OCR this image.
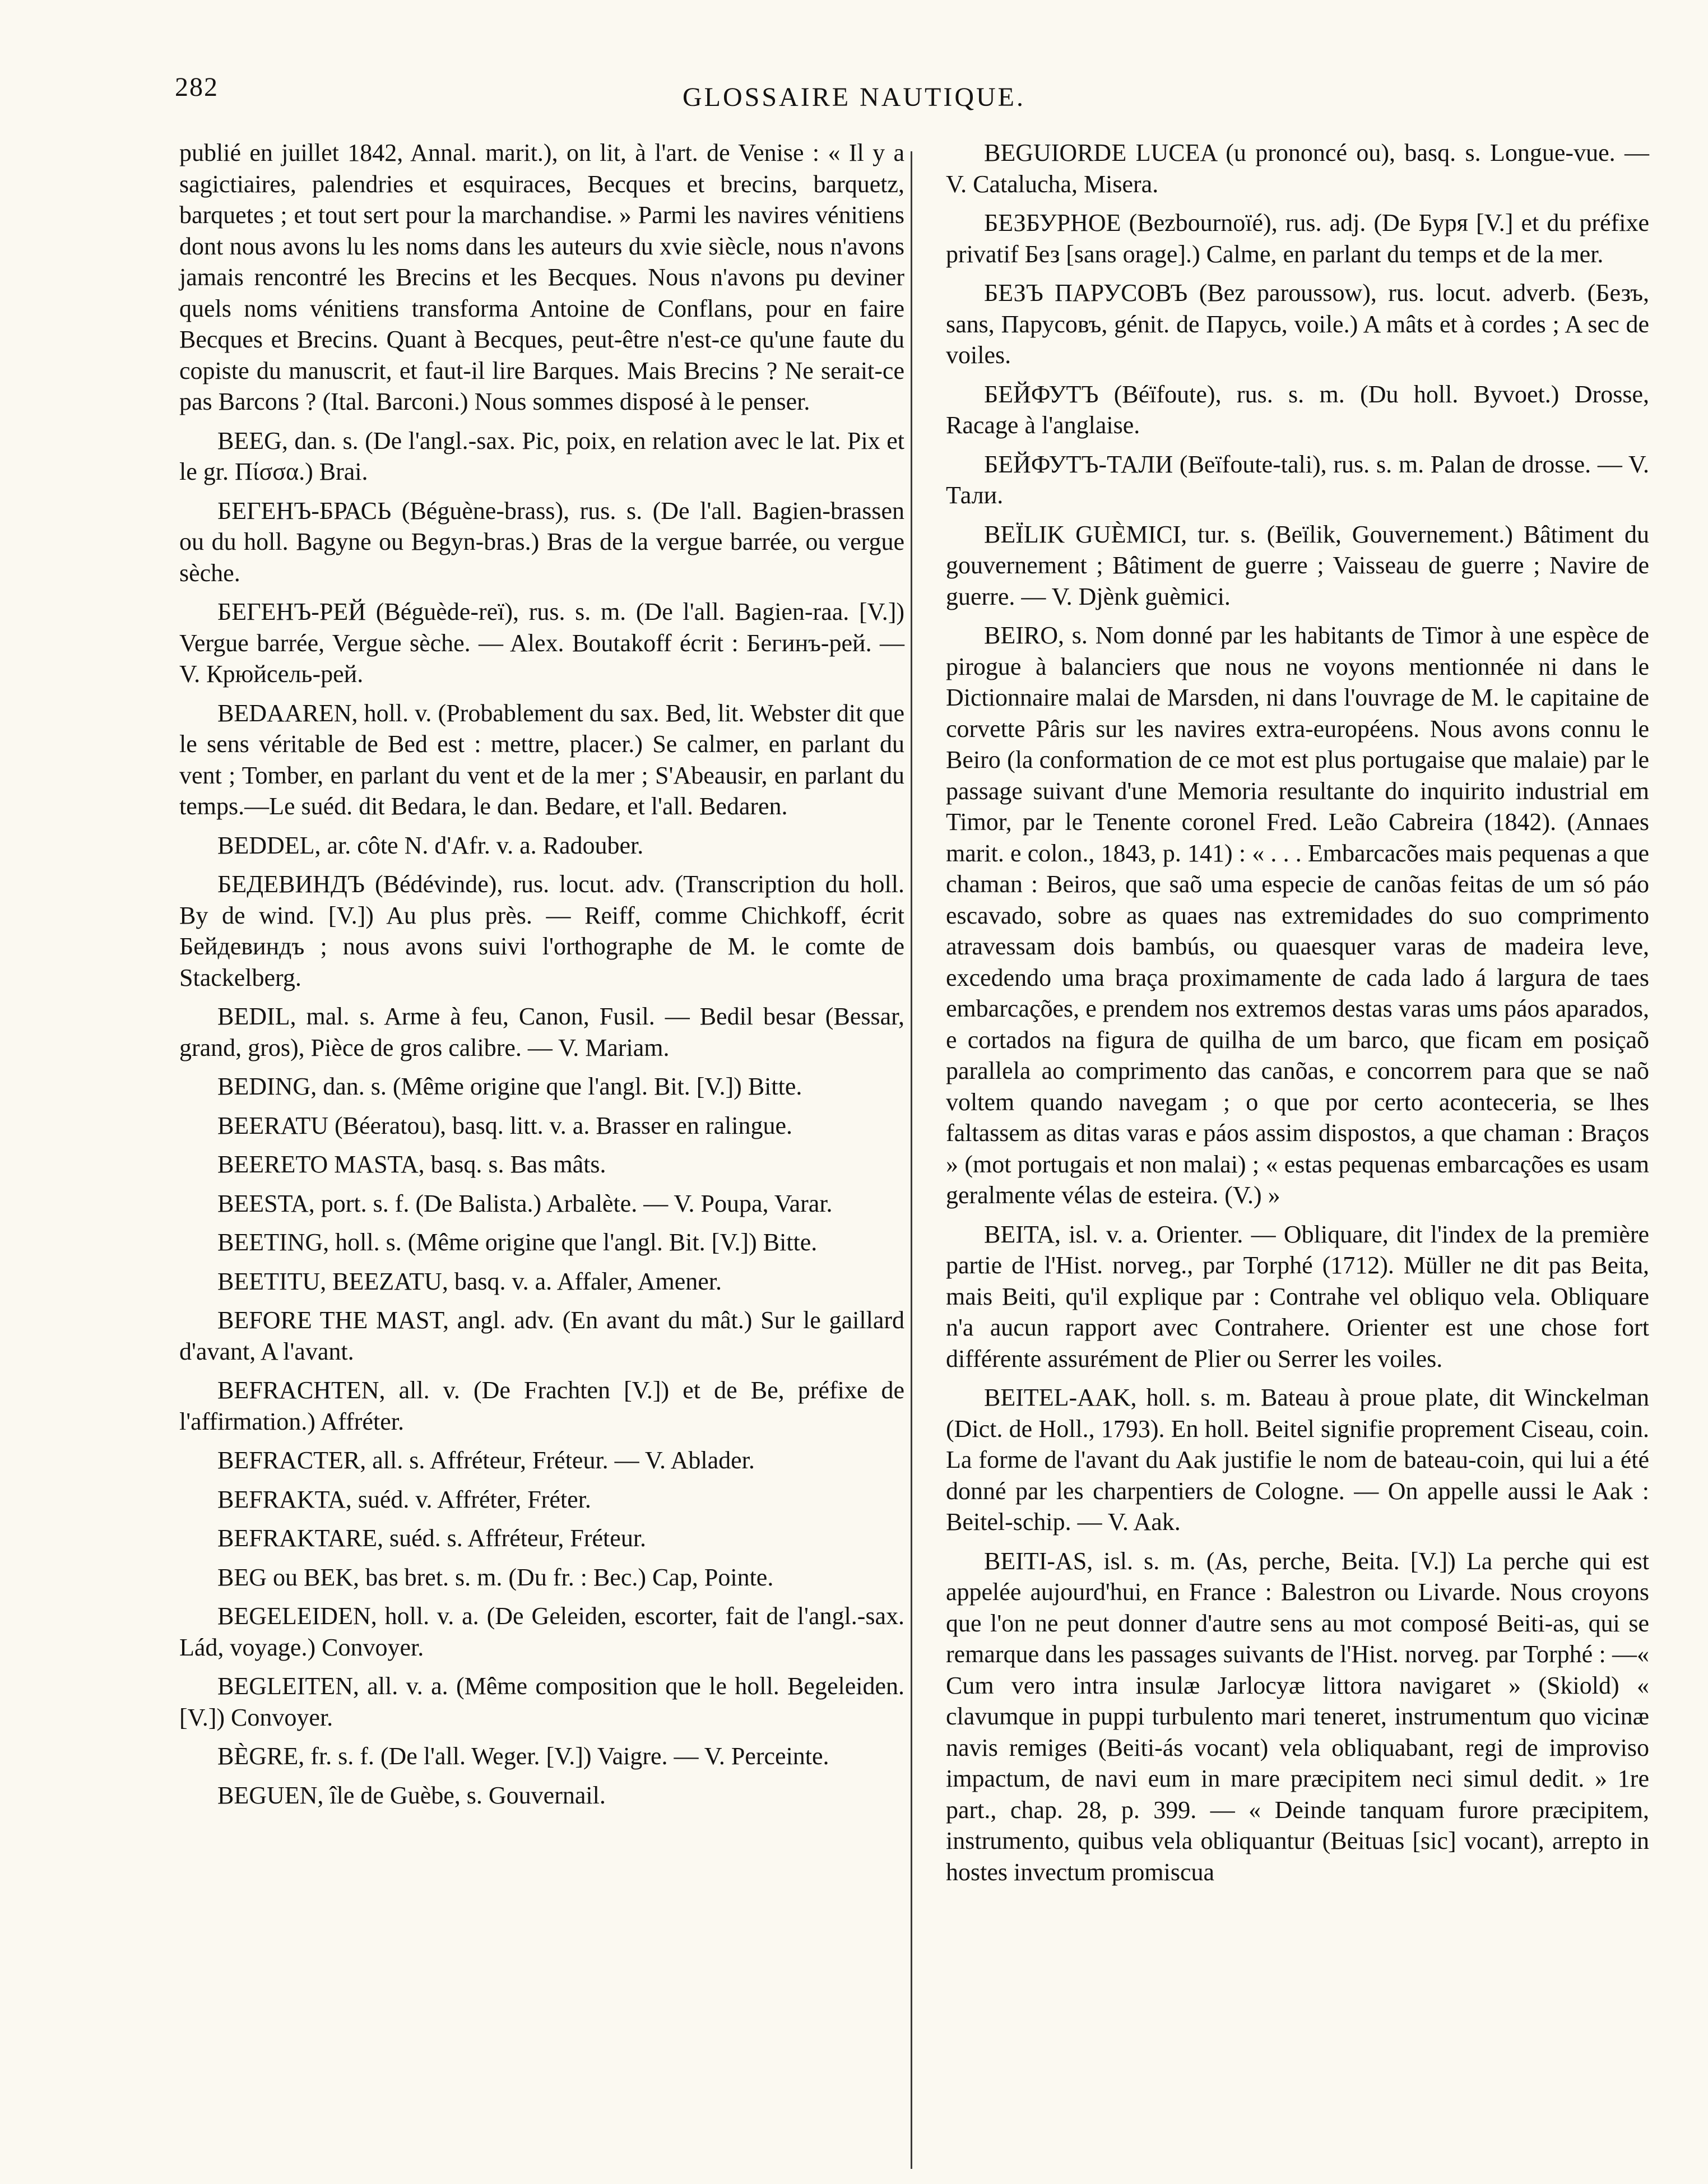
282	GLOSSAIRE NAUTIQUE.

publié en juillet 1842, Annal. marit.), on lit, à l'art. de Venise : « Il y a sagictiaires, palendries et esquiraces, Becques et brecins, barquetz, barquetes ; et tout sert pour la marchandise. » Parmi les navires vénitiens dont nous avons lu les noms dans les auteurs du xvie siècle, nous n'avons jamais rencontré les Brecins et les Becques. Nous n'avons pu deviner quels noms vénitiens transforma Antoine de Conflans, pour en faire Becques et Brecins. Quant à Becques, peut-être n'est-ce qu'une faute du copiste du manuscrit, et faut-il lire Barques. Mais Brecins ? Ne serait-ce pas Barcons ? (Ital. Barconi.) Nous sommes disposé à le penser.

BEEG, dan. s. (De l'angl.-sax. Pic, poix, en relation avec le lat. Pix et le gr. Πίσσα.) Brai.

БЕГЕНЪ-БРАСЬ (Béguène-brass), rus. s. (De l'all. Bagien-brassen ou du holl. Bagyne ou Begyn-bras.) Bras de la vergue barrée, ou vergue sèche.

БЕГЕНЪ-РЕЙ (Béguède-reï), rus. s. m. (De l'all. Bagien-raa. [V.]) Vergue barrée, Vergue sèche. — Alex. Boutakoff écrit : Бегинъ-рей. — V. Крюйсель-рей.

BEDAAREN, holl. v. (Probablement du sax. Bed, lit. Webster dit que le sens véritable de Bed est : mettre, placer.) Se calmer, en parlant du vent ; Tomber, en parlant du vent et de la mer ; S'Abeausir, en parlant du temps.—Le suéd. dit Bedara, le dan. Bedare, et l'all. Bedaren.

BEDDEL, ar. côte N. d'Afr. v. a. Radouber.

БЕДЕВИНДЪ (Bédévinde), rus. locut. adv. (Transcription du holl. By de wind. [V.]) Au plus près. — Reiff, comme Chichkoff, écrit Бейдевиндъ ; nous avons suivi l'orthographe de M. le comte de Stackelberg.

BEDIL, mal. s. Arme à feu, Canon, Fusil. — Bedil besar (Bessar, grand, gros), Pièce de gros calibre. — V. Mariam.

BEDING, dan. s. (Même origine que l'angl. Bit. [V.]) Bitte.

BEERATU (Béeratou), basq. litt. v. a. Brasser en ralingue.

BEERETO MASTA, basq. s. Bas mâts.

BEESTA, port. s. f. (De Balista.) Arbalète. — V. Poupa, Varar.

BEETING, holl. s. (Même origine que l'angl. Bit. [V.]) Bitte.

BEETITU, BEEZATU, basq. v. a. Affaler, Amener.

BEFORE THE MAST, angl. adv. (En avant du mât.) Sur le gaillard d'avant, A l'avant.

BEFRACHTEN, all. v. (De Frachten [V.]) et de Be, préfixe de l'affirmation.) Affréter.

BEFRACTER, all. s. Affréteur, Fréteur. — V. Ablader.

BEFRAKTA, suéd. v. Affréter, Fréter.

BEFRAKTARE, suéd. s. Affréteur, Fréteur.

BEG ou BEK, bas bret. s. m. (Du fr. : Bec.) Cap, Pointe.

BEGELEIDEN, holl. v. a. (De Geleiden, escorter, fait de l'angl.-sax. Lád, voyage.) Convoyer.

BEGLEITEN, all. v. a. (Même composition que le holl. Begeleiden. [V.]) Convoyer.

BÈGRE, fr. s. f. (De l'all. Weger. [V.]) Vaigre. — V. Perceinte.

BEGUEN, île de Guèbe, s. Gouvernail.

BEGUIORDE LUCEA (u prononcé ou), basq. s. Longue-vue. — V. Catalucha, Misera.

БЕЗБУРНОЕ (Bezbournoïé), rus. adj. (De Буря [V.] et du préfixe privatif Без [sans orage].) Calme, en parlant du temps et de la mer.

БЕЗЪ ПАРУСОВЪ (Bez paroussow), rus. locut. adverb. (Безъ, sans, Парусовъ, génit. de Парусь, voile.) A mâts et à cordes ; A sec de voiles.

БЕЙФУТЪ (Béïfoute), rus. s. m. (Du holl. Byvoet.) Drosse, Racage à l'anglaise.

БЕЙФУТЪ-ТАЛИ (Beïfoute-tali), rus. s. m. Palan de drosse. — V. Тали.

BEÏLIK GUÈMICI, tur. s. (Beïlik, Gouvernement.) Bâtiment du gouvernement ; Bâtiment de guerre ; Vaisseau de guerre ; Navire de guerre. — V. Djènk guèmici.

BEIRO, s. Nom donné par les habitants de Timor à une espèce de pirogue à balanciers que nous ne voyons mentionnée ni dans le Dictionnaire malai de Marsden, ni dans l'ouvrage de M. le capitaine de corvette Pâris sur les navires extra-européens. Nous avons connu le Beiro (la conformation de ce mot est plus portugaise que malaie) par le passage suivant d'une Memoria resultante do inquirito industrial em Timor, par le Tenente coronel Fred. Leão Cabreira (1842). (Annaes marit. e colon., 1843, p. 141) : « . . . Embarcacões mais pequenas a que chaman : Beiros, que saõ uma especie de canõas feitas de um só páo escavado, sobre as quaes nas extremidades do suo comprimento atravessam dois bambús, ou quaesquer varas de madeira leve, excedendo uma braça proximamente de cada lado á largura de taes embarcações, e prendem nos extremos destas varas ums páos aparados, e cortados na figura de quilha de um barco, que ficam em posiçaõ parallela ao comprimento das canõas, e concorrem para que se naõ voltem quando navegam ; o que por certo aconteceria, se lhes faltassem as ditas varas e páos assim dispostos, a que chaman : Braços » (mot portugais et non malai) ; « estas pequenas embarcações es usam geralmente vélas de esteira. (V.) »

BEITA, isl. v. a. Orienter. — Obliquare, dit l'index de la première partie de l'Hist. norveg., par Torphé (1712). Müller ne dit pas Beita, mais Beiti, qu'il explique par : Contrahe vel obliquo vela. Obliquare n'a aucun rapport avec Contrahere. Orienter est une chose fort différente assurément de Plier ou Serrer les voiles.

BEITEL-AAK, holl. s. m. Bateau à proue plate, dit Winckelman (Dict. de Holl., 1793). En holl. Beitel signifie proprement Ciseau, coin. La forme de l'avant du Aak justifie le nom de bateau-coin, qui lui a été donné par les charpentiers de Cologne. — On appelle aussi le Aak : Beitel-schip. — V. Aak.

BEITI-AS, isl. s. m. (As, perche, Beita. [V.]) La perche qui est appelée aujourd'hui, en France : Balestron ou Livarde. Nous croyons que l'on ne peut donner d'autre sens au mot composé Beiti-as, qui se remarque dans les passages suivants de l'Hist. norveg. par Torphé : —« Cum vero intra insulæ Jarlocyæ littora navigaret » (Skiold) « clavumque in puppi turbulento mari teneret, instrumentum quo vicinæ navis remiges (Beiti-ás vocant) vela obliquabant, regi de improviso impactum, de navi eum in mare præcipitem neci simul dedit. » 1re part., chap. 28, p. 399. — « Deinde tanquam furore præcipitem, instrumento, quibus vela obliquantur (Beituas [sic] vocant), arrepto in hostes invectum promiscua
